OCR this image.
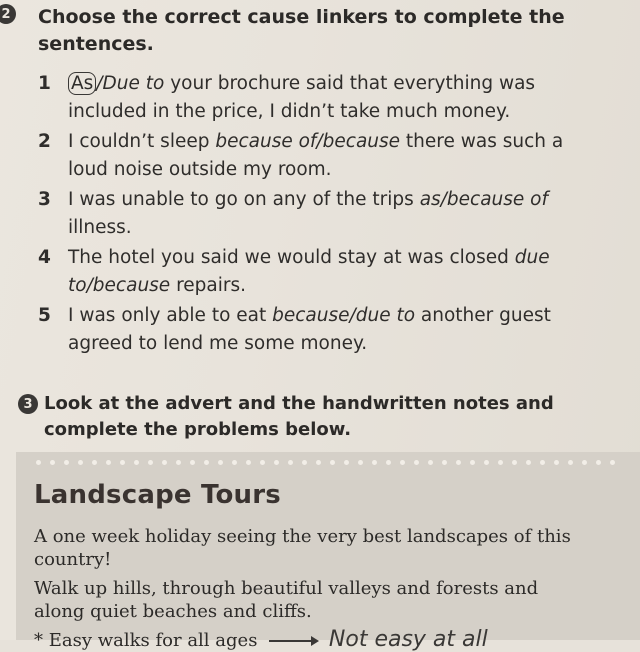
2 Choose the correct cause linkers to complete the
sentences.

1 As /Due to your brochure said that everything was
included in the price, I didn’t take much money.
2 I couldn’t sleep because of/because there was such a
loud noise outside my room.
3 I was unable to go on any of the trips as/because of
illness.
4 The hotel you said we would stay at was closed due
to/because repairs.
5 I was only able to eat because/due to another guest
agreed to lend me some money.
3 Look at the advert and the handwritten notes and
complete the problems below.

Landscape Tours

A one week holiday seeing the very best landscapes of this
country!

Walk up hills, through beautiful valleys and forests and
along quiet beaches and cliffs.

* Easy walks for all ages	Not easy at all
